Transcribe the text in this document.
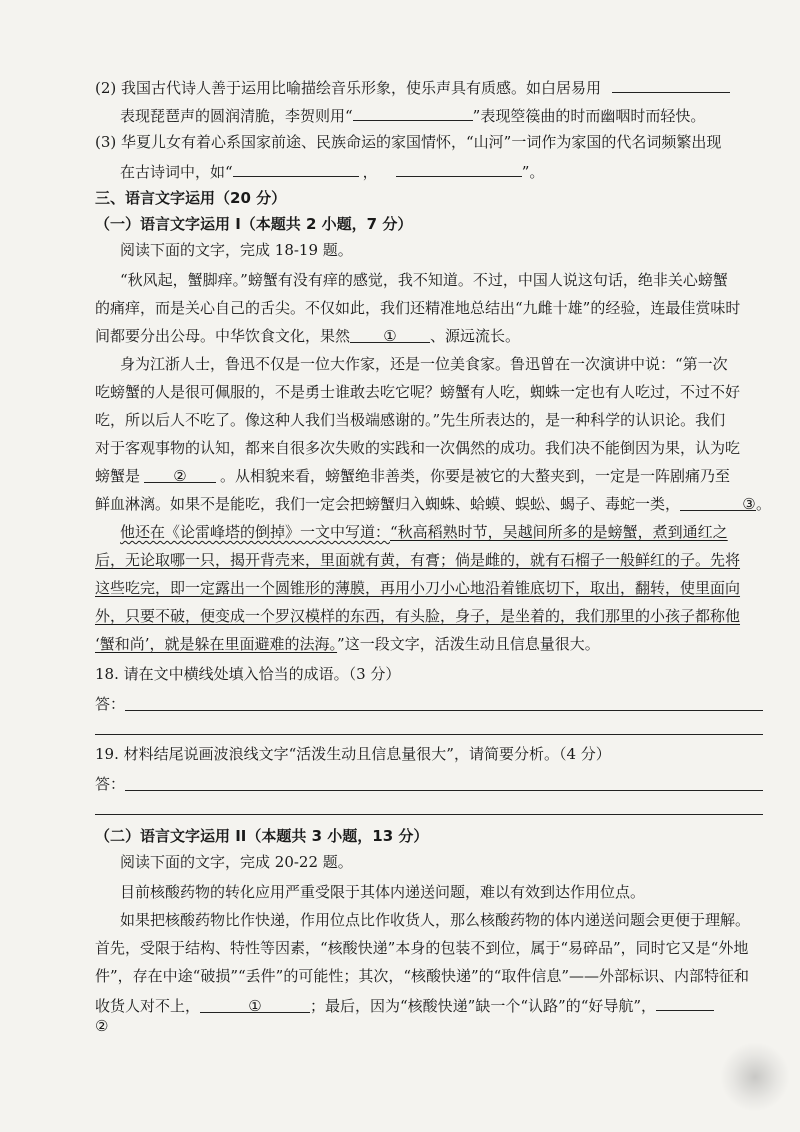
(2) 我国古代诗人善于运用比喻描绘音乐形象，使乐声具有质感。如白居易用
表现琵琶声的圆润清脆，李贺则用“	”表现箜篌曲的时而幽咽时而轻快。
(3) 华夏儿女有着心系国家前途、民族命运的家国情怀，“山河”一词作为家国的代名词频繁出现
在古诗词中，如“	，	”。
三、语言文字运用（20 分）
（一）语言文字运用 I（本题共 2 小题，7 分）
阅读下面的文字，完成 18-19 题。
“秋风起，蟹脚痒。”螃蟹有没有痒的感觉，我不知道。不过，中国人说这句话，绝非关心螃蟹
的痛痒，而是关心自己的舌尖。不仅如此，我们还精准地总结出“九雌十雄”的经验，连最佳赏味时
间都要分出公母。中华饮食文化，果然 ① 、源远流长。
身为江浙人士，鲁迅不仅是一位大作家，还是一位美食家。鲁迅曾在一次演讲中说：“第一次
吃螃蟹的人是很可佩服的，不是勇士谁敢去吃它呢？螃蟹有人吃，蜘蛛一定也有人吃过，不过不好
吃，所以后人不吃了。像这种人我们当极端感谢的。”先生所表达的，是一种科学的认识论。我们
对于客观事物的认知，都来自很多次失败的实践和一次偶然的成功。我们决不能倒因为果，认为吃
螃蟹是 ② 。从相貌来看，螃蟹绝非善类，你要是被它的大螯夹到，一定是一阵剧痛乃至
鲜血淋漓。如果不是能吃，我们一定会把螃蟹归入蜘蛛、蛤蟆、蜈蚣、蝎子、毒蛇一类，	③。
他还在《论雷峰塔的倒掉》一文中写道：“秋高稻熟时节，吴越间所多的是螃蟹，煮到通红之
后，无论取哪一只，揭开背壳来，里面就有黄，有膏；倘是雌的，就有石榴子一般鲜红的子。先将
这些吃完，即一定露出一个圆锥形的薄膜，再用小刀小心地沿着锥底切下，取出，翻转，使里面向
外，只要不破，便变成一个罗汉模样的东西，有头脸，身子，是坐着的，我们那里的小孩子都称他
‘蟹和尚’，就是躲在里面避难的法海。”这一段文字，活泼生动且信息量很大。
18. 请在文中横线处填入恰当的成语。（3 分）
答：
19. 材料结尾说画波浪线文字“活泼生动且信息量很大”，请简要分析。（4 分）
答：
（二）语言文字运用 II（本题共 3 小题，13 分）
阅读下面的文字，完成 20-22 题。
目前核酸药物的转化应用严重受限于其体内递送问题，难以有效到达作用位点。
如果把核酸药物比作快递，作用位点比作收货人，那么核酸药物的体内递送问题会更便于理解。
首先，受限于结构、特性等因素，“核酸快递”本身的包装不到位，属于“易碎品”，同时它又是“外地
件”，存在中途“破损”“丢件”的可能性；其次，“核酸快递”的“取件信息”——外部标识、内部特征和
收货人对不上，	①	；最后，因为“核酸快递”缺一个“认路”的“好导航”，
②
